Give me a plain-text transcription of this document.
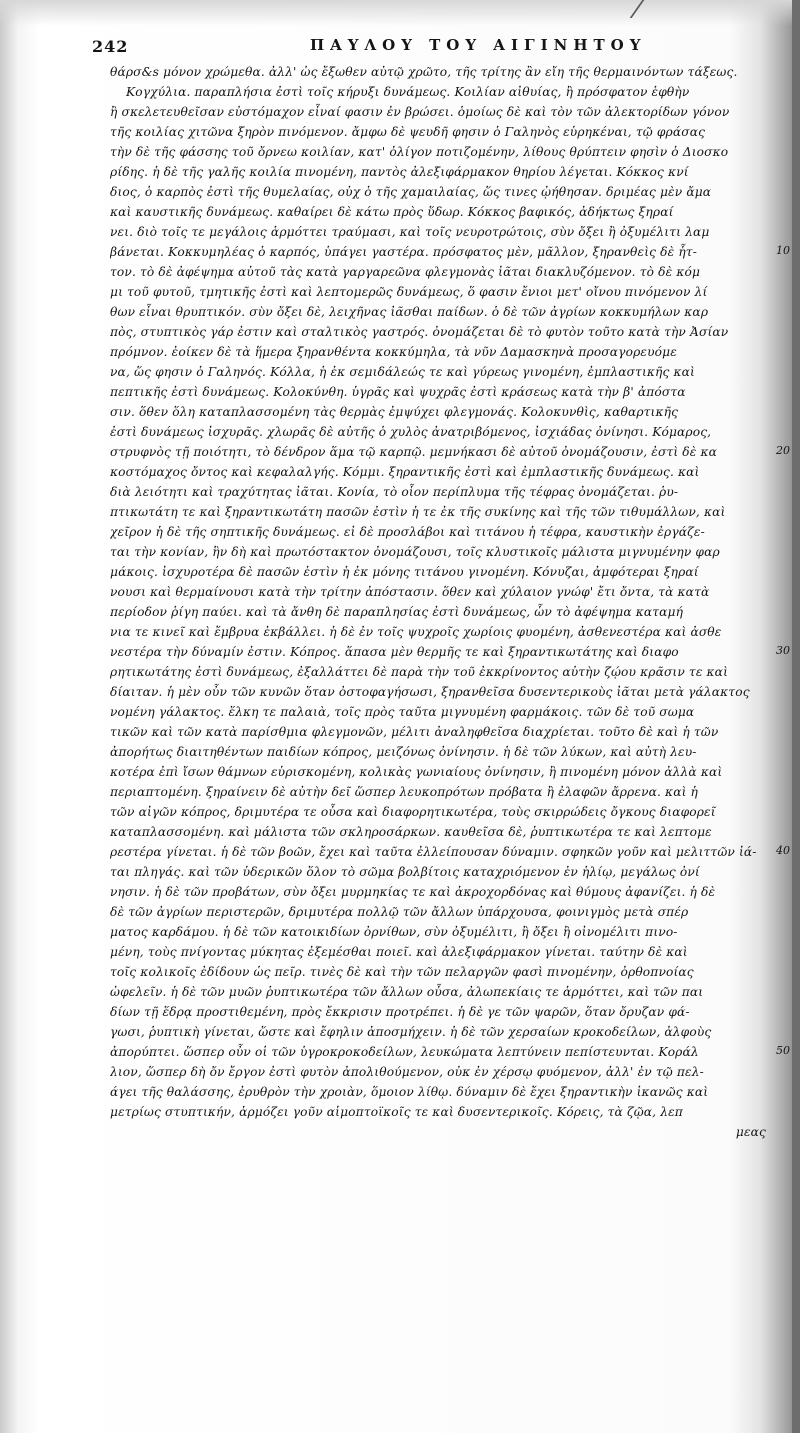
242	ΠΑΥΛΟΥ ΤΟΥ ΑΙΓΙΝΗΤΟΥ
θάρσ&s μόνον χρώμεθα. ἀλλ' ὡς ἔξωθεν αὐτῷ χρῶτο, τῆς τρίτης ἂν εἴη τῆς θερμαινόντων τάξεως.
Κογχύλια. παραπλήσια ἐστὶ τοῖς κήρυξι δυνάμεως. Κοιλίαν αἰθυίας, ἢ πρόσφατον ἑφθὴν
ἢ σκελετευθεῖσαν εὐστόμαχον εἶναί φασιν ἐν βρώσει. ὁμοίως δὲ καὶ τὸν τῶν ἀλεκτορίδων γόνον
τῆς κοιλίας χιτῶνα ξηρὸν πινόμενον. ἄμφω δὲ ψευδῆ φησιν ὁ Γαληνὸς εὑρηκέναι, τῷ φράσας
τὴν δὲ τῆς φάσσης τοῦ ὄρνεω κοιλίαν, κατ' ὀλίγον ποτιζομένην, λίθους θρύπτειν φησὶν ὁ Διοσκο
ρίδης. ἡ δὲ τῆς γαλῆς κοιλία πινομένη, παντὸς ἀλεξιφάρμακον θηρίου λέγεται. Κόκκος κνί
διος, ὁ καρπὸς ἐστὶ τῆς θυμελαίας, οὐχ ὁ τῆς χαμαιλαίας, ὥς τινες ᾠήθησαν. δριμέας μὲν ἄμα
καὶ καυστικῆς δυνάμεως. καθαίρει δὲ κάτω πρὸς ὕδωρ. Κόκκος βαφικός, ἀδήκτως ξηραί
νει. διὸ τοῖς τε μεγάλοις ἁρμόττει τραύμασι, καὶ τοῖς νευροτρώτοις, σὺν ὄξει ἢ ὀξυμέλιτι λαμ
βάνεται. Κοκκυμηλέας ὁ καρπός, ὑπάγει γαστέρα. πρόσφατος μὲν, μᾶλλον, ξηρανθεὶς δὲ ἧτ-
τον. τὸ δὲ ἀφέψημα αὐτοῦ τὰς κατὰ γαργαρεῶνα φλεγμονὰς ἰᾶται διακλυζόμενον. τὸ δὲ κόμ
μι τοῦ φυτοῦ, τμητικῆς ἐστὶ καὶ λεπτομερῶς δυνάμεως, ὅ φασιν ἔνιοι μετ' οἴνου πινόμενον λί
θων εἶναι θρυπτικόν. σὺν ὄξει δὲ, λειχῆνας ἰᾶσθαι παίδων. ὁ δὲ τῶν ἀγρίων κοκκυμήλων καρ
πὸς, στυπτικὸς γάρ ἐστιν καὶ σταλτικὸς γαστρός. ὀνομάζεται δὲ τὸ φυτὸν τοῦτο κατὰ τὴν Ἀσίαν
πρόμνον. ἐοίκεν δὲ τὰ ἥμερα ξηρανθέντα κοκκύμηλα, τὰ νῦν Δαμασκηνὰ προσαγορευόμε
να, ὥς φησιν ὁ Γαληνός. Κόλλα, ἡ ἐκ σεμιδάλεώς τε καὶ γύρεως γινομένη, ἐμπλαστικῆς καὶ
πεπτικῆς ἐστὶ δυνάμεως. Κολοκύνθη. ὑγρᾶς καὶ ψυχρᾶς ἐστὶ κράσεως κατὰ τὴν β' ἀπόστα
σιν. ὅθεν ὅλη καταπλασσομένη τὰς θερμὰς ἐμψύχει φλεγμονάς. Κολοκυνθὶς, καθαρτικῆς
ἐστὶ δυνάμεως ἰσχυρᾶς. χλωρᾶς δὲ αὐτῆς ὁ χυλὸς ἀνατριβόμενος, ἰσχιάδας ὀνίνησι. Κόμαρος,
στρυφνὸς τῇ ποιότητι, τὸ δένδρον ἅμα τῷ καρπῷ. μεμνήκασι δὲ αὐτοῦ ὀνομάζουσιν, ἐστὶ δὲ κα
κοστόμαχος ὄντος καὶ κεφαλαλγής. Κόμμι. ξηραντικῆς ἐστὶ καὶ ἐμπλαστικῆς δυνάμεως. καὶ
διὰ λειότητι καὶ τραχύτητας ἰᾶται. Κονία, τὸ οἷον περίπλυμα τῆς τέφρας ὀνομάζεται. ῥυ-
πτικωτάτη τε καὶ ξηραντικωτάτη πασῶν ἐστὶν ἡ τε ἐκ τῆς συκίνης καὶ τῆς τῶν τιθυμάλλων, καὶ
χεῖρον ἡ δὲ τῆς σηπτικῆς δυνάμεως. εἰ δὲ προσλάβοι καὶ τιτάνου ἡ τέφρα, καυστικὴν ἐργάζε-
ται τὴν κονίαν, ἣν δὴ καὶ πρωτόστακτον ὀνομάζουσι, τοῖς κλυστικοῖς μάλιστα μιγνυμένην φαρ
μάκοις. ἰσχυροτέρα δὲ πασῶν ἐστὶν ἡ ἐκ μόνης τιτάνου γινομένη. Κόνυζαι, ἀμφότεραι ξηραί
νουσι καὶ θερμαίνουσι κατὰ τὴν τρίτην ἀπόστασιν. ὅθεν καὶ χύλαιον γνώφ' ἔτι ὄντα, τὰ κατὰ
περίοδον ῥίγη παύει. καὶ τὰ ἄνθη δὲ παραπλησίας ἐστὶ δυνάμεως, ὧν τὸ ἀφέψημα καταμή
νια τε κινεῖ καὶ ἔμβρυα ἐκβάλλει. ἡ δὲ ἐν τοῖς ψυχροῖς χωρίοις φυομένη, ἀσθενεστέρα καὶ ἀσθε
νεστέρα τὴν δύναμίν ἐστιν. Κόπρος. ἅπασα μὲν θερμῆς τε καὶ ξηραντικωτάτης καὶ διαφο
ρητικωτάτης ἐστὶ δυνάμεως, ἐξαλλάττει δὲ παρὰ τὴν τοῦ ἐκκρίνοντος αὐτὴν ζῴου κρᾶσιν τε καὶ
δίαιταν. ἡ μὲν οὖν τῶν κυνῶν ὅταν ὀστοφαγήσωσι, ξηρανθεῖσα δυσεντερικοὺς ἰᾶται μετὰ γάλακτος
νομένη γάλακτος. ἕλκη τε παλαιὰ, τοῖς πρὸς ταῦτα μιγνυμένη φαρμάκοις. τῶν δὲ τοῦ σωμα
τικῶν καὶ τῶν κατὰ παρίσθμια φλεγμονῶν, μέλιτι ἀναληφθεῖσα διαχρίεται. τοῦτο δὲ καὶ ἡ τῶν
ἀπορήτως διαιτηθέντων παιδίων κόπρος, μειζόνως ὀνίνησιν. ἡ δὲ τῶν λύκων, καὶ αὐτὴ λευ-
κοτέρα ἐπὶ ἴσων θάμνων εὑρισκομένη, κολικὰς γωνιαίους ὀνίνησιν, ἣ πινομένη μόνον ἀλλὰ καὶ
περιαπτομένη. ξηραίνειν δὲ αὐτὴν δεῖ ὥσπερ λευκοπρότων πρόβατα ἢ ἐλαφῶν ἄρρενα. καὶ ἡ
τῶν αἰγῶν κόπρος, δριμυτέρα τε οὖσα καὶ διαφορητικωτέρα, τοὺς σκιρρώδεις ὄγκους διαφορεῖ
καταπλασσομένη. καὶ μάλιστα τῶν σκληροσάρκων. καυθεῖσα δὲ, ῥυπτικωτέρα τε καὶ λεπτομε
ρεστέρα γίνεται. ἡ δὲ τῶν βοῶν, ἔχει καὶ ταῦτα ἐλλείπουσαν δύναμιν. σφηκῶν γοῦν καὶ μελιττῶν ἰά-
ται πληγάς. καὶ τῶν ὑδερικῶν ὅλον τὸ σῶμα βολβίτοις καταχριόμενον ἐν ἡλίῳ, μεγάλως ὀνί
νησιν. ἡ δὲ τῶν προβάτων, σὺν ὄξει μυρμηκίας τε καὶ ἀκροχορδόνας καὶ θύμους ἀφανίζει. ἡ δὲ
δὲ τῶν ἀγρίων περιστερῶν, δριμυτέρα πολλῷ τῶν ἄλλων ὑπάρχουσα, φοινιγμὸς μετὰ σπέρ
ματος καρδάμου. ἡ δὲ τῶν κατοικιδίων ὀρνίθων, σὺν ὀξυμέλιτι, ἢ ὄξει ἢ οἰνομέλιτι πινο-
μένη, τοὺς πνίγοντας μύκητας ἐξεμέσθαι ποιεῖ. καὶ ἀλεξιφάρμακον γίνεται. ταύτην δὲ καὶ
τοῖς κολικοῖς ἐδίδουν ὡς πεῖρ. τινὲς δὲ καὶ τὴν τῶν πελαργῶν φασὶ πινομένην, ὀρθοπνοίας
ὠφελεῖν. ἡ δὲ τῶν μυῶν ῥυπτικωτέρα τῶν ἄλλων οὖσα, ἀλωπεκίαις τε ἁρμόττει, καὶ τῶν παι
δίων τῇ ἕδρᾳ προστιθεμένη, πρὸς ἔκκρισιν προτρέπει. ἡ δὲ γε τῶν ψαρῶν, ὅταν ὄρυζαν φά-
γωσι, ῥυπτικὴ γίνεται, ὥστε καὶ ἔφηλιν ἀποσμήχειν. ἡ δὲ τῶν χερσαίων κροκοδείλων, ἀλφοὺς
ἀπορύπτει. ὥσπερ οὖν οἱ τῶν ὑγροκροκοδείλων, λευκώματα λεπτύνειν πεπίστευνται. Κοράλ
λιον, ὥσπερ δὴ ὄν ἔργον ἐστὶ φυτὸν ἀπολιθούμενον, οὐκ ἐν χέρσῳ φυόμενον, ἀλλ' ἐν τῷ πελ-
άγει τῆς θαλάσσης, ἐρυθρὸν τὴν χροιὰν, ὅμοιον λίθῳ. δύναμιν δὲ ἔχει ξηραντικὴν ἱκανῶς καὶ
μετρίως στυπτικήν, ἁρμόζει γοῦν αἱμοπτοϊκοῖς τε καὶ δυσεντερικοῖς. Κόρεις, τὰ ζῷα, λεπ
μεας
10
20
30
40
50
